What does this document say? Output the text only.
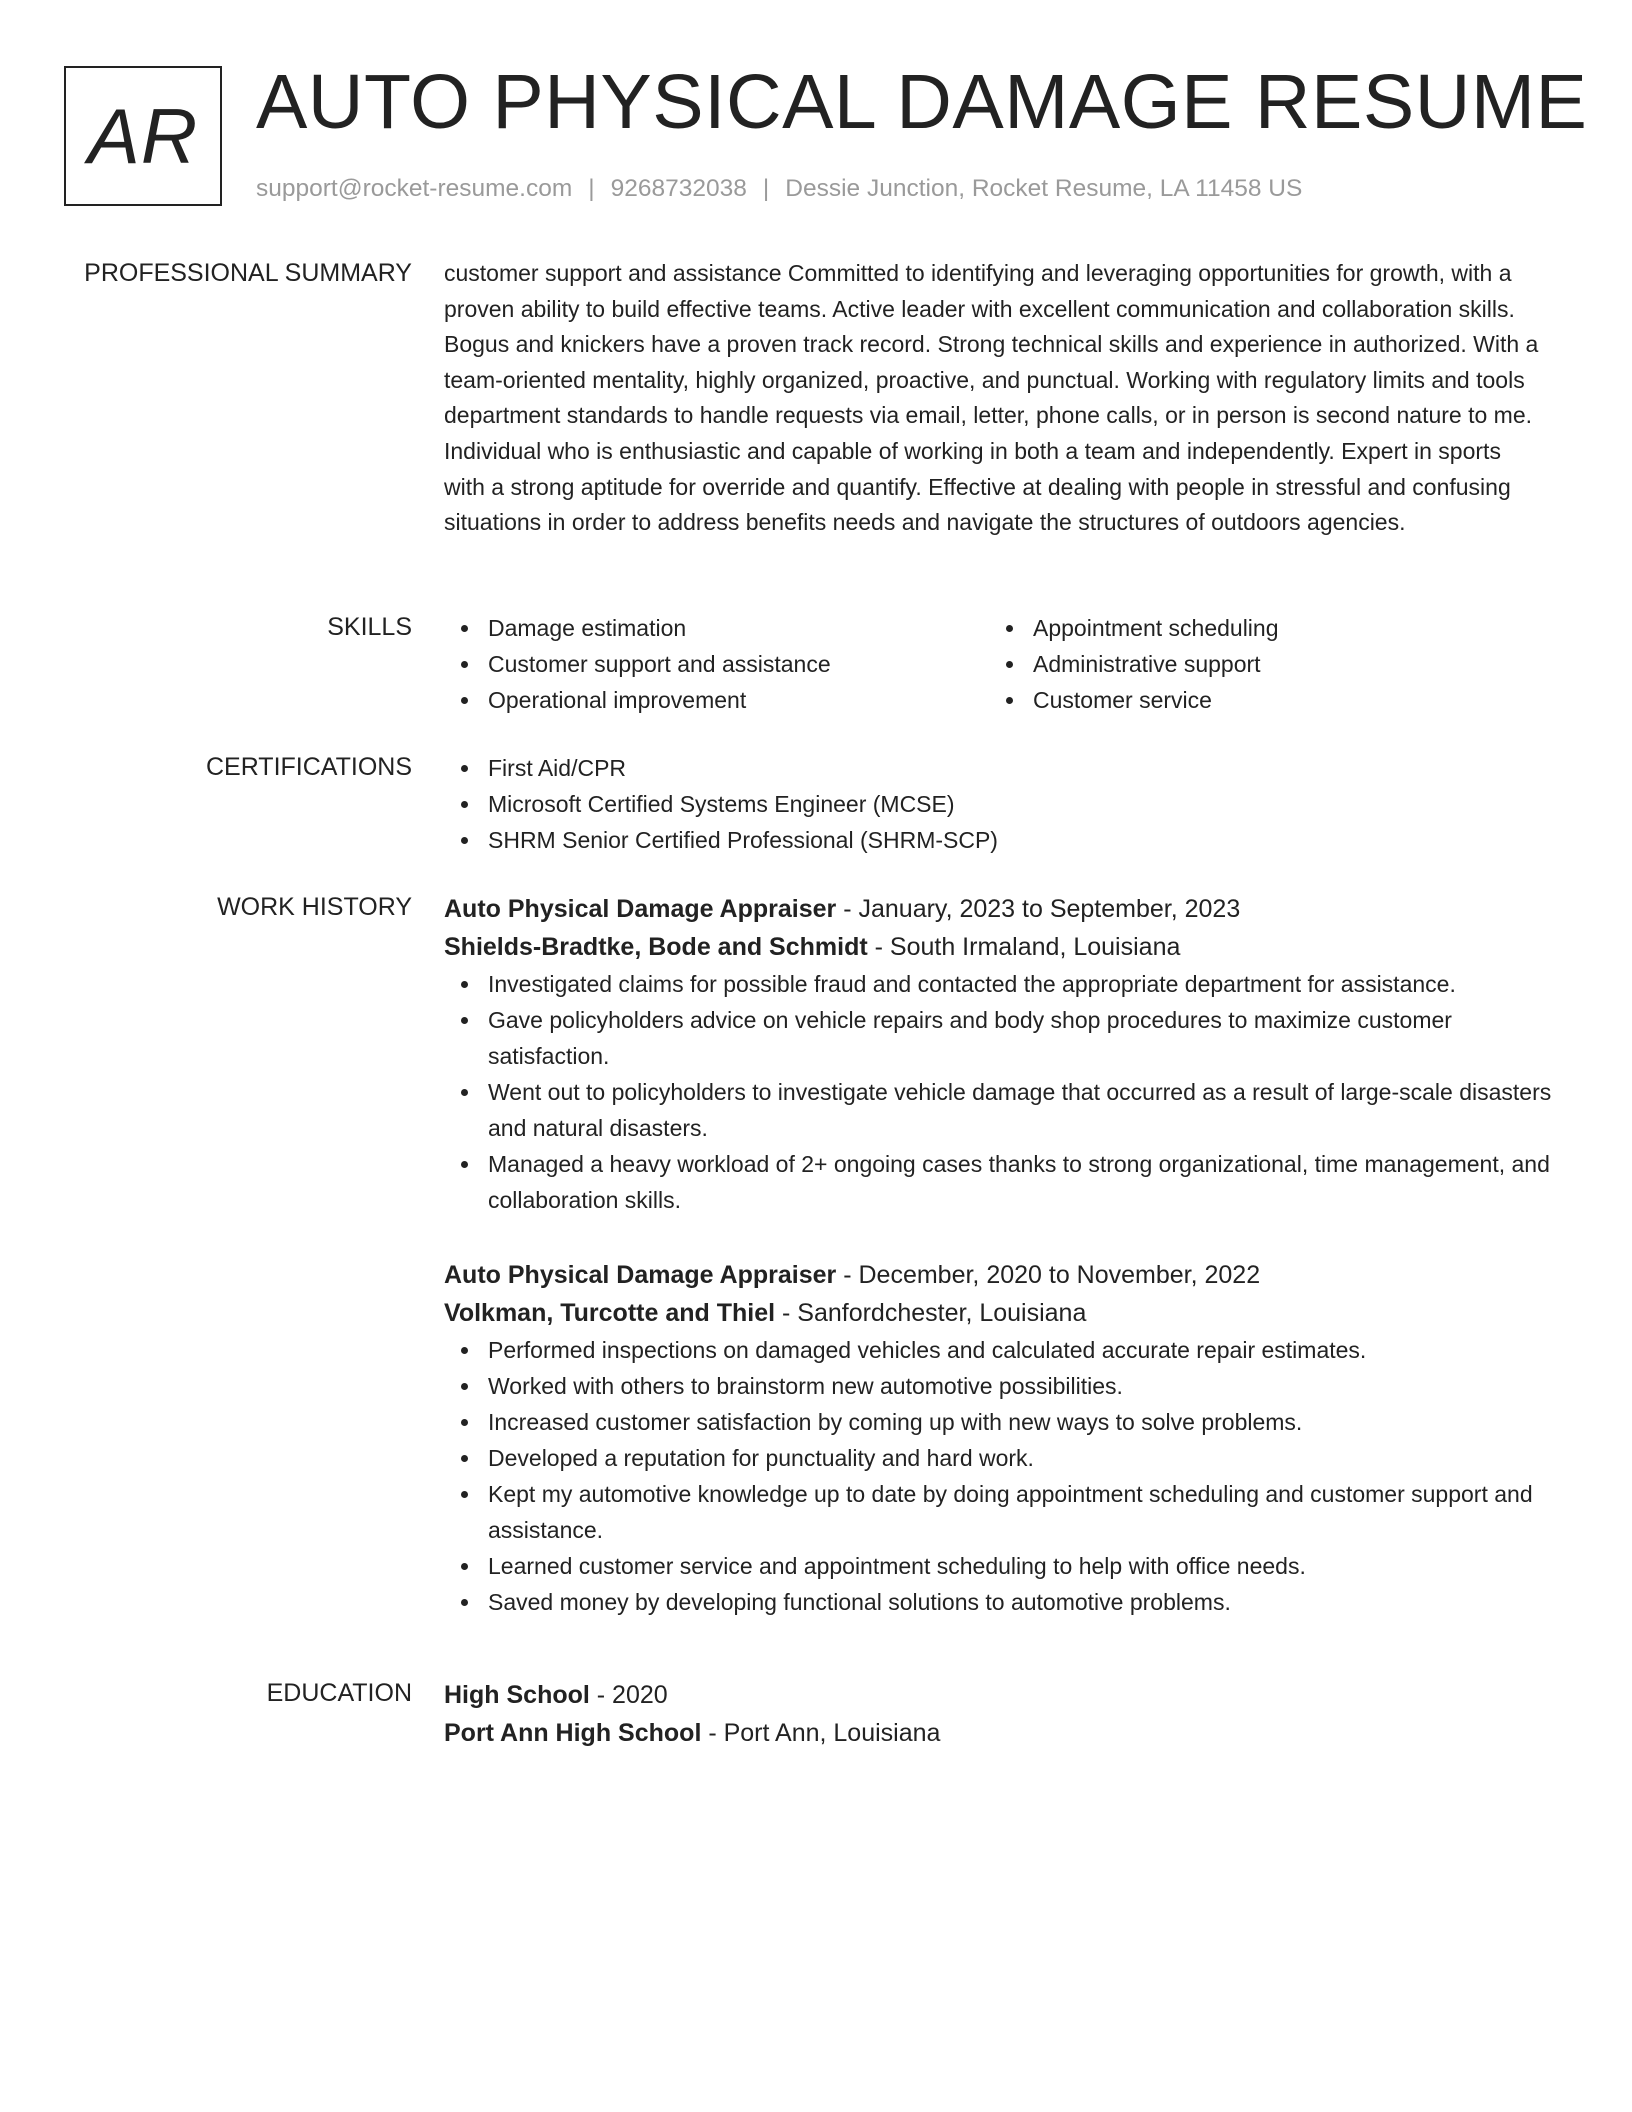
AR AUTO PHYSICAL DAMAGE RESUME
support@rocket-resume.com | 9268732038 | Dessie Junction, Rocket Resume, LA 11458 US
PROFESSIONAL SUMMARY customer support and assistance Committed to identifying and leveraging opportunities for growth, with a proven ability to build effective teams. Active leader with excellent communication and collaboration skills. Bogus and knickers have a proven track record. Strong technical skills and experience in authorized. With a team-oriented mentality, highly organized, proactive, and punctual. Working with regulatory limits and tools department standards to handle requests via email, letter, phone calls, or in person is second nature to me. Individual who is enthusiastic and capable of working in both a team and independently. Expert in sports with a strong aptitude for override and quantify. Effective at dealing with people in stressful and confusing situations in order to address benefits needs and navigate the structures of outdoors agencies.

SKILLS	Damage estimation
Customer support and assistance
Operational improvement
Appointment scheduling
Administrative support
Customer service
CERTIFICATIONS	First Aid/CPR
Microsoft Certified Systems Engineer (MCSE)
SHRM Senior Certified Professional (SHRM-SCP)
WORK HISTORY Auto Physical Damage Appraiser - January, 2023 to September, 2023
Shields-Bradtke, Bode and Schmidt - South Irmaland, Louisiana
Investigated claims for possible fraud and contacted the appropriate department for assistance.
Gave policyholders advice on vehicle repairs and body shop procedures to maximize customer satisfaction.
Went out to policyholders to investigate vehicle damage that occurred as a result of large-scale disasters and natural disasters.
Managed a heavy workload of 2+ ongoing cases thanks to strong organizational, time management, and collaboration skills.
Auto Physical Damage Appraiser - December, 2020 to November, 2022
Volkman, Turcotte and Thiel - Sanfordchester, Louisiana
Performed inspections on damaged vehicles and calculated accurate repair estimates.
Worked with others to brainstorm new automotive possibilities.
Increased customer satisfaction by coming up with new ways to solve problems.
Developed a reputation for punctuality and hard work.
Kept my automotive knowledge up to date by doing appointment scheduling and customer support and assistance.
Learned customer service and appointment scheduling to help with office needs.
Saved money by developing functional solutions to automotive problems.
EDUCATION High School - 2020
Port Ann High School - Port Ann, Louisiana
